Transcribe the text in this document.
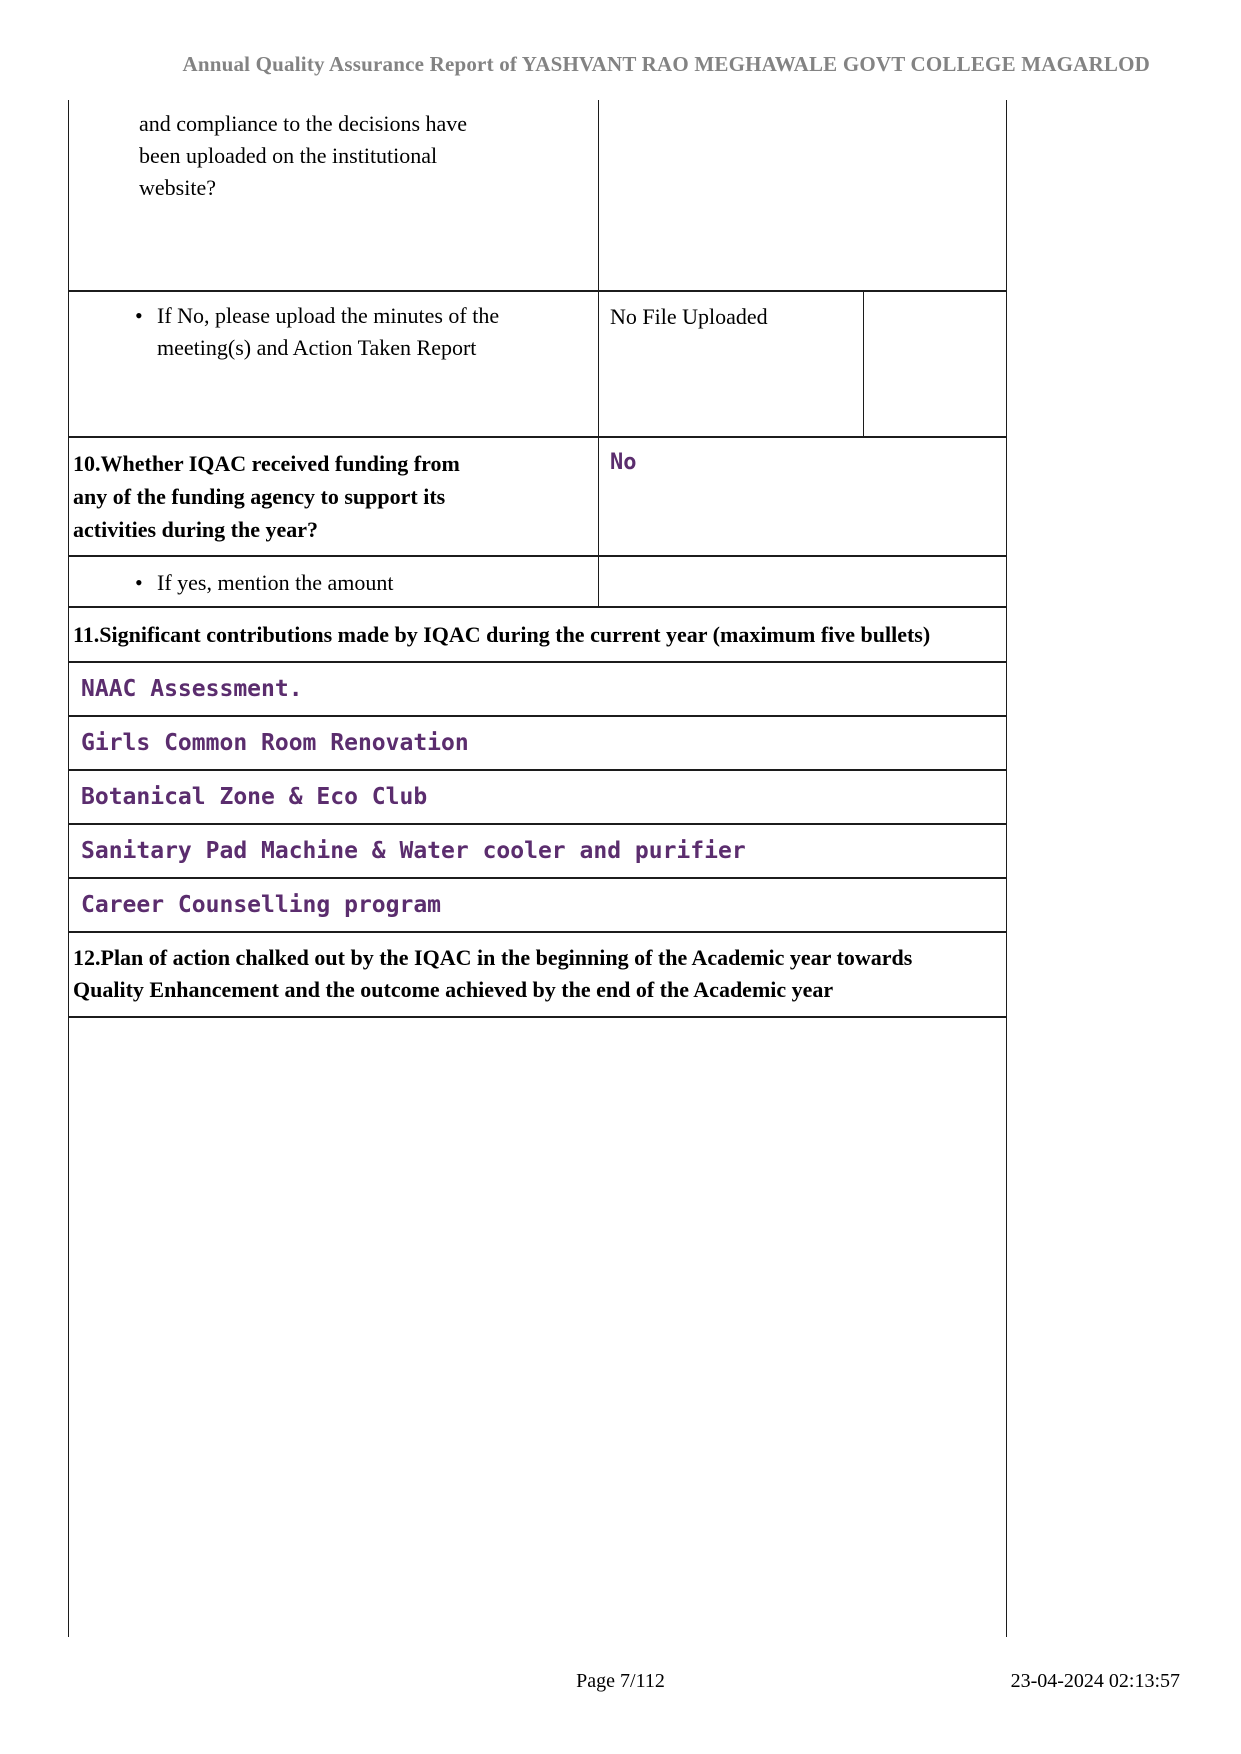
Annual Quality Assurance Report of YASHVANT RAO MEGHAWALE GOVT COLLEGE MAGARLOD
and compliance to the decisions have
been uploaded on the institutional
website?
• If No, please upload the minutes of the
meeting(s) and Action Taken Report
No File Uploaded
10.Whether IQAC received funding from
any of the funding agency to support its
activities during the year?
No
• If yes, mention the amount
11.Significant contributions made by IQAC during the current year (maximum five bullets)
NAAC Assessment.
Girls Common Room Renovation
Botanical Zone & Eco Club
Sanitary Pad Machine & Water cooler and purifier
Career Counselling program
12.Plan of action chalked out by the IQAC in the beginning of the Academic year towards
Quality Enhancement and the outcome achieved by the end of the Academic year
Page 7/112	23-04-2024 02:13:57
